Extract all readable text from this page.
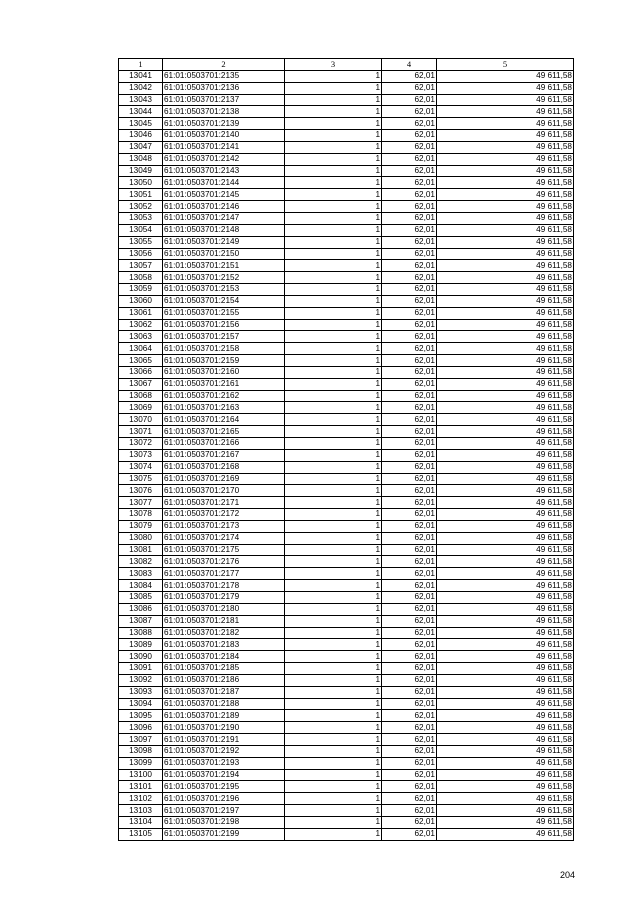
1	2	3	4	5
13041	61:01:0503701:2135	1	62,01	49 611,58
13042	61:01:0503701:2136	1	62,01	49 611,58
13043	61:01:0503701:2137	1	62,01	49 611,58
13044	61:01:0503701:2138	1	62,01	49 611,58
13045	61:01:0503701:2139	1	62,01	49 611,58
13046	61:01:0503701:2140	1	62,01	49 611,58
13047	61:01:0503701:2141	1	62,01	49 611,58
13048	61:01:0503701:2142	1	62,01	49 611,58
13049	61:01:0503701:2143	1	62,01	49 611,58
13050	61:01:0503701:2144	1	62,01	49 611,58
13051	61:01:0503701:2145	1	62,01	49 611,58
13052	61:01:0503701:2146	1	62,01	49 611,58
13053	61:01:0503701:2147	1	62,01	49 611,58
13054	61:01:0503701:2148	1	62,01	49 611,58
13055	61:01:0503701:2149	1	62,01	49 611,58
13056	61:01:0503701:2150	1	62,01	49 611,58
13057	61:01:0503701:2151	1	62,01	49 611,58
13058	61:01:0503701:2152	1	62,01	49 611,58
13059	61:01:0503701:2153	1	62,01	49 611,58
13060	61:01:0503701:2154	1	62,01	49 611,58
13061	61:01:0503701:2155	1	62,01	49 611,58
13062	61:01:0503701:2156	1	62,01	49 611,58
13063	61:01:0503701:2157	1	62,01	49 611,58
13064	61:01:0503701:2158	1	62,01	49 611,58
13065	61:01:0503701:2159	1	62,01	49 611,58
13066	61:01:0503701:2160	1	62,01	49 611,58
13067	61:01:0503701:2161	1	62,01	49 611,58
13068	61:01:0503701:2162	1	62,01	49 611,58
13069	61:01:0503701:2163	1	62,01	49 611,58
13070	61:01:0503701:2164	1	62,01	49 611,58
13071	61:01:0503701:2165	1	62,01	49 611,58
13072	61:01:0503701:2166	1	62,01	49 611,58
13073	61:01:0503701:2167	1	62,01	49 611,58
13074	61:01:0503701:2168	1	62,01	49 611,58
13075	61:01:0503701:2169	1	62,01	49 611,58
13076	61:01:0503701:2170	1	62,01	49 611,58
13077	61:01:0503701:2171	1	62,01	49 611,58
13078	61:01:0503701:2172	1	62,01	49 611,58
13079	61:01:0503701:2173	1	62,01	49 611,58
13080	61:01:0503701:2174	1	62,01	49 611,58
13081	61:01:0503701:2175	1	62,01	49 611,58
13082	61:01:0503701:2176	1	62,01	49 611,58
13083	61:01:0503701:2177	1	62,01	49 611,58
13084	61:01:0503701:2178	1	62,01	49 611,58
13085	61:01:0503701:2179	1	62,01	49 611,58
13086	61:01:0503701:2180	1	62,01	49 611,58
13087	61:01:0503701:2181	1	62,01	49 611,58
13088	61:01:0503701:2182	1	62,01	49 611,58
13089	61:01:0503701:2183	1	62,01	49 611,58
13090	61:01:0503701:2184	1	62,01	49 611,58
13091	61:01:0503701:2185	1	62,01	49 611,58
13092	61:01:0503701:2186	1	62,01	49 611,58
13093	61:01:0503701:2187	1	62,01	49 611,58
13094	61:01:0503701:2188	1	62,01	49 611,58
13095	61:01:0503701:2189	1	62,01	49 611,58
13096	61:01:0503701:2190	1	62,01	49 611,58
13097	61:01:0503701:2191	1	62,01	49 611,58
13098	61:01:0503701:2192	1	62,01	49 611,58
13099	61:01:0503701:2193	1	62,01	49 611,58
13100	61:01:0503701:2194	1	62,01	49 611,58
13101	61:01:0503701:2195	1	62,01	49 611,58
13102	61:01:0503701:2196	1	62,01	49 611,58
13103	61:01:0503701:2197	1	62,01	49 611,58
13104	61:01:0503701:2198	1	62,01	49 611,58
13105	61:01:0503701:2199	1	62,01	49 611,58
204
